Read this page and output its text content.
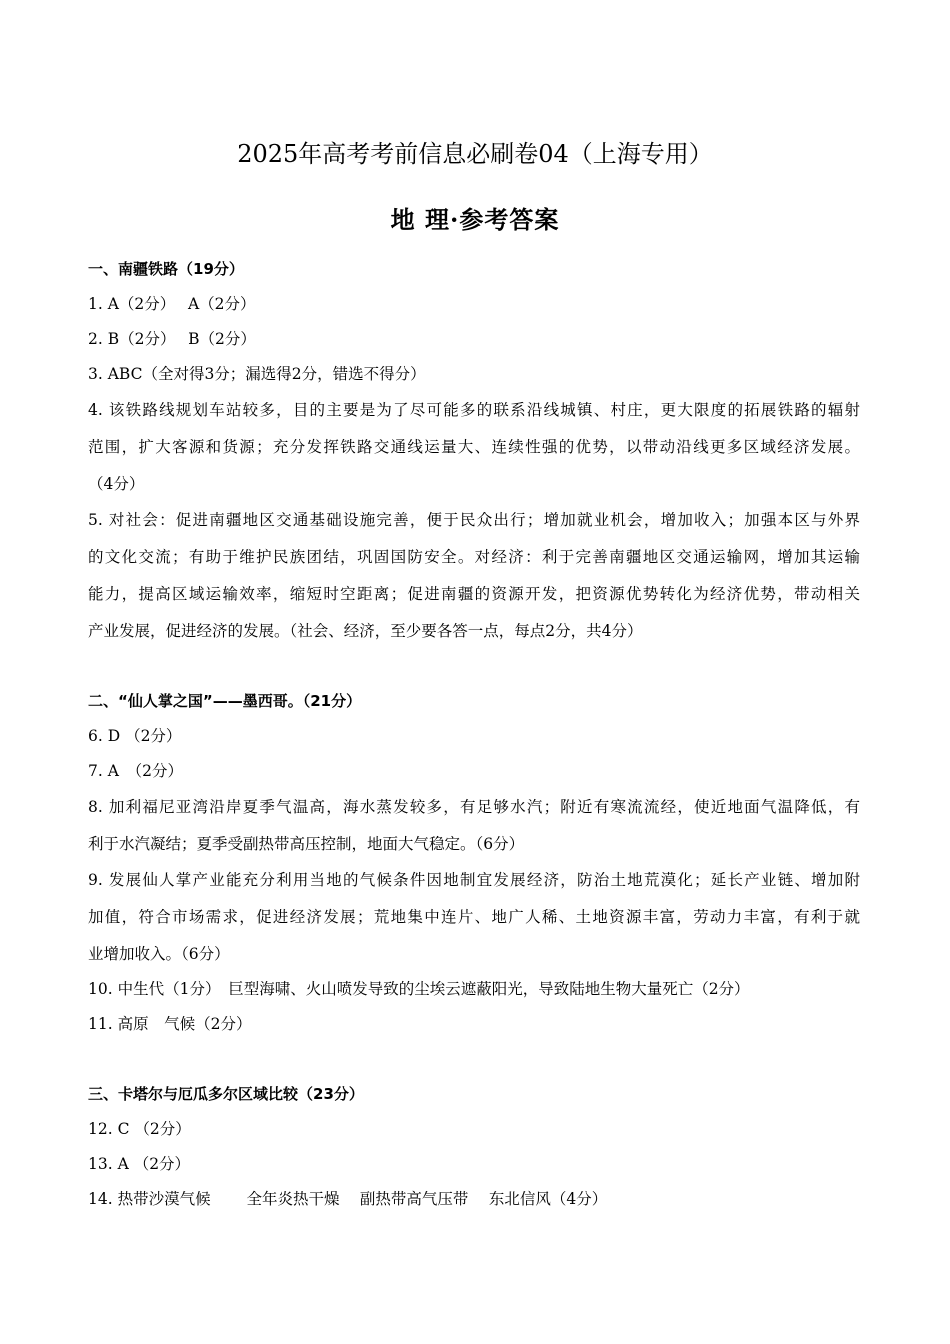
2025年高考考前信息必刷卷04（上海专用）
地 理·参考答案

一、南疆铁路（19分）

1. A（2分）　 A（2分）

2. B（2分）　 B（2分）

3. ABC（全对得3分；漏选得2分，错选不得分）

4. 该铁路线规划车站较多，目的主要是为了尽可能多的联系沿线城镇、村庄，更大限度的拓展铁路的辐射

范围，扩大客源和货源；充分发挥铁路交通线运量大、连续性强的优势，以带动沿线更多区域经济发展。

（4分）

5. 对社会：促进南疆地区交通基础设施完善，便于民众出行；增加就业机会，增加收入；加强本区与外界

的文化交流；有助于维护民族团结，巩固国防安全。对经济：利于完善南疆地区交通运输网，增加其运输

能力，提高区域运输效率，缩短时空距离；促进南疆的资源开发，把资源优势转化为经济优势，带动相关

产业发展，促进经济的发展。（社会、经济，至少要各答一点，每点2分，共4分）

二、“仙人掌之国”——墨西哥。（21分）

6. D （2分）

7. A　（2分）

8. 加利福尼亚湾沿岸夏季气温高，海水蒸发较多，有足够水汽；附近有寒流流经，使近地面气温降低，有

利于水汽凝结；夏季受副热带高压控制，地面大气稳定。（6分）

9. 发展仙人掌产业能充分利用当地的气候条件因地制宜发展经济，防治土地荒漠化；延长产业链、增加附

加值，符合市场需求，促进经济发展；荒地集中连片、地广人稀、土地资源丰富，劳动力丰富，有利于就

业增加收入。（6分）

10. 中生代（1分）　巨型海啸、火山喷发导致的尘埃云遮蔽阳光，导致陆地生物大量死亡（2分）

11. 高原　气候（2分）

三、卡塔尔与厄瓜多尔区域比较（23分）

12. C （2分）

13. A （2分）

14. 热带沙漠气候　　 全年炎热干燥　 副热带高气压带　 东北信风（4分）
